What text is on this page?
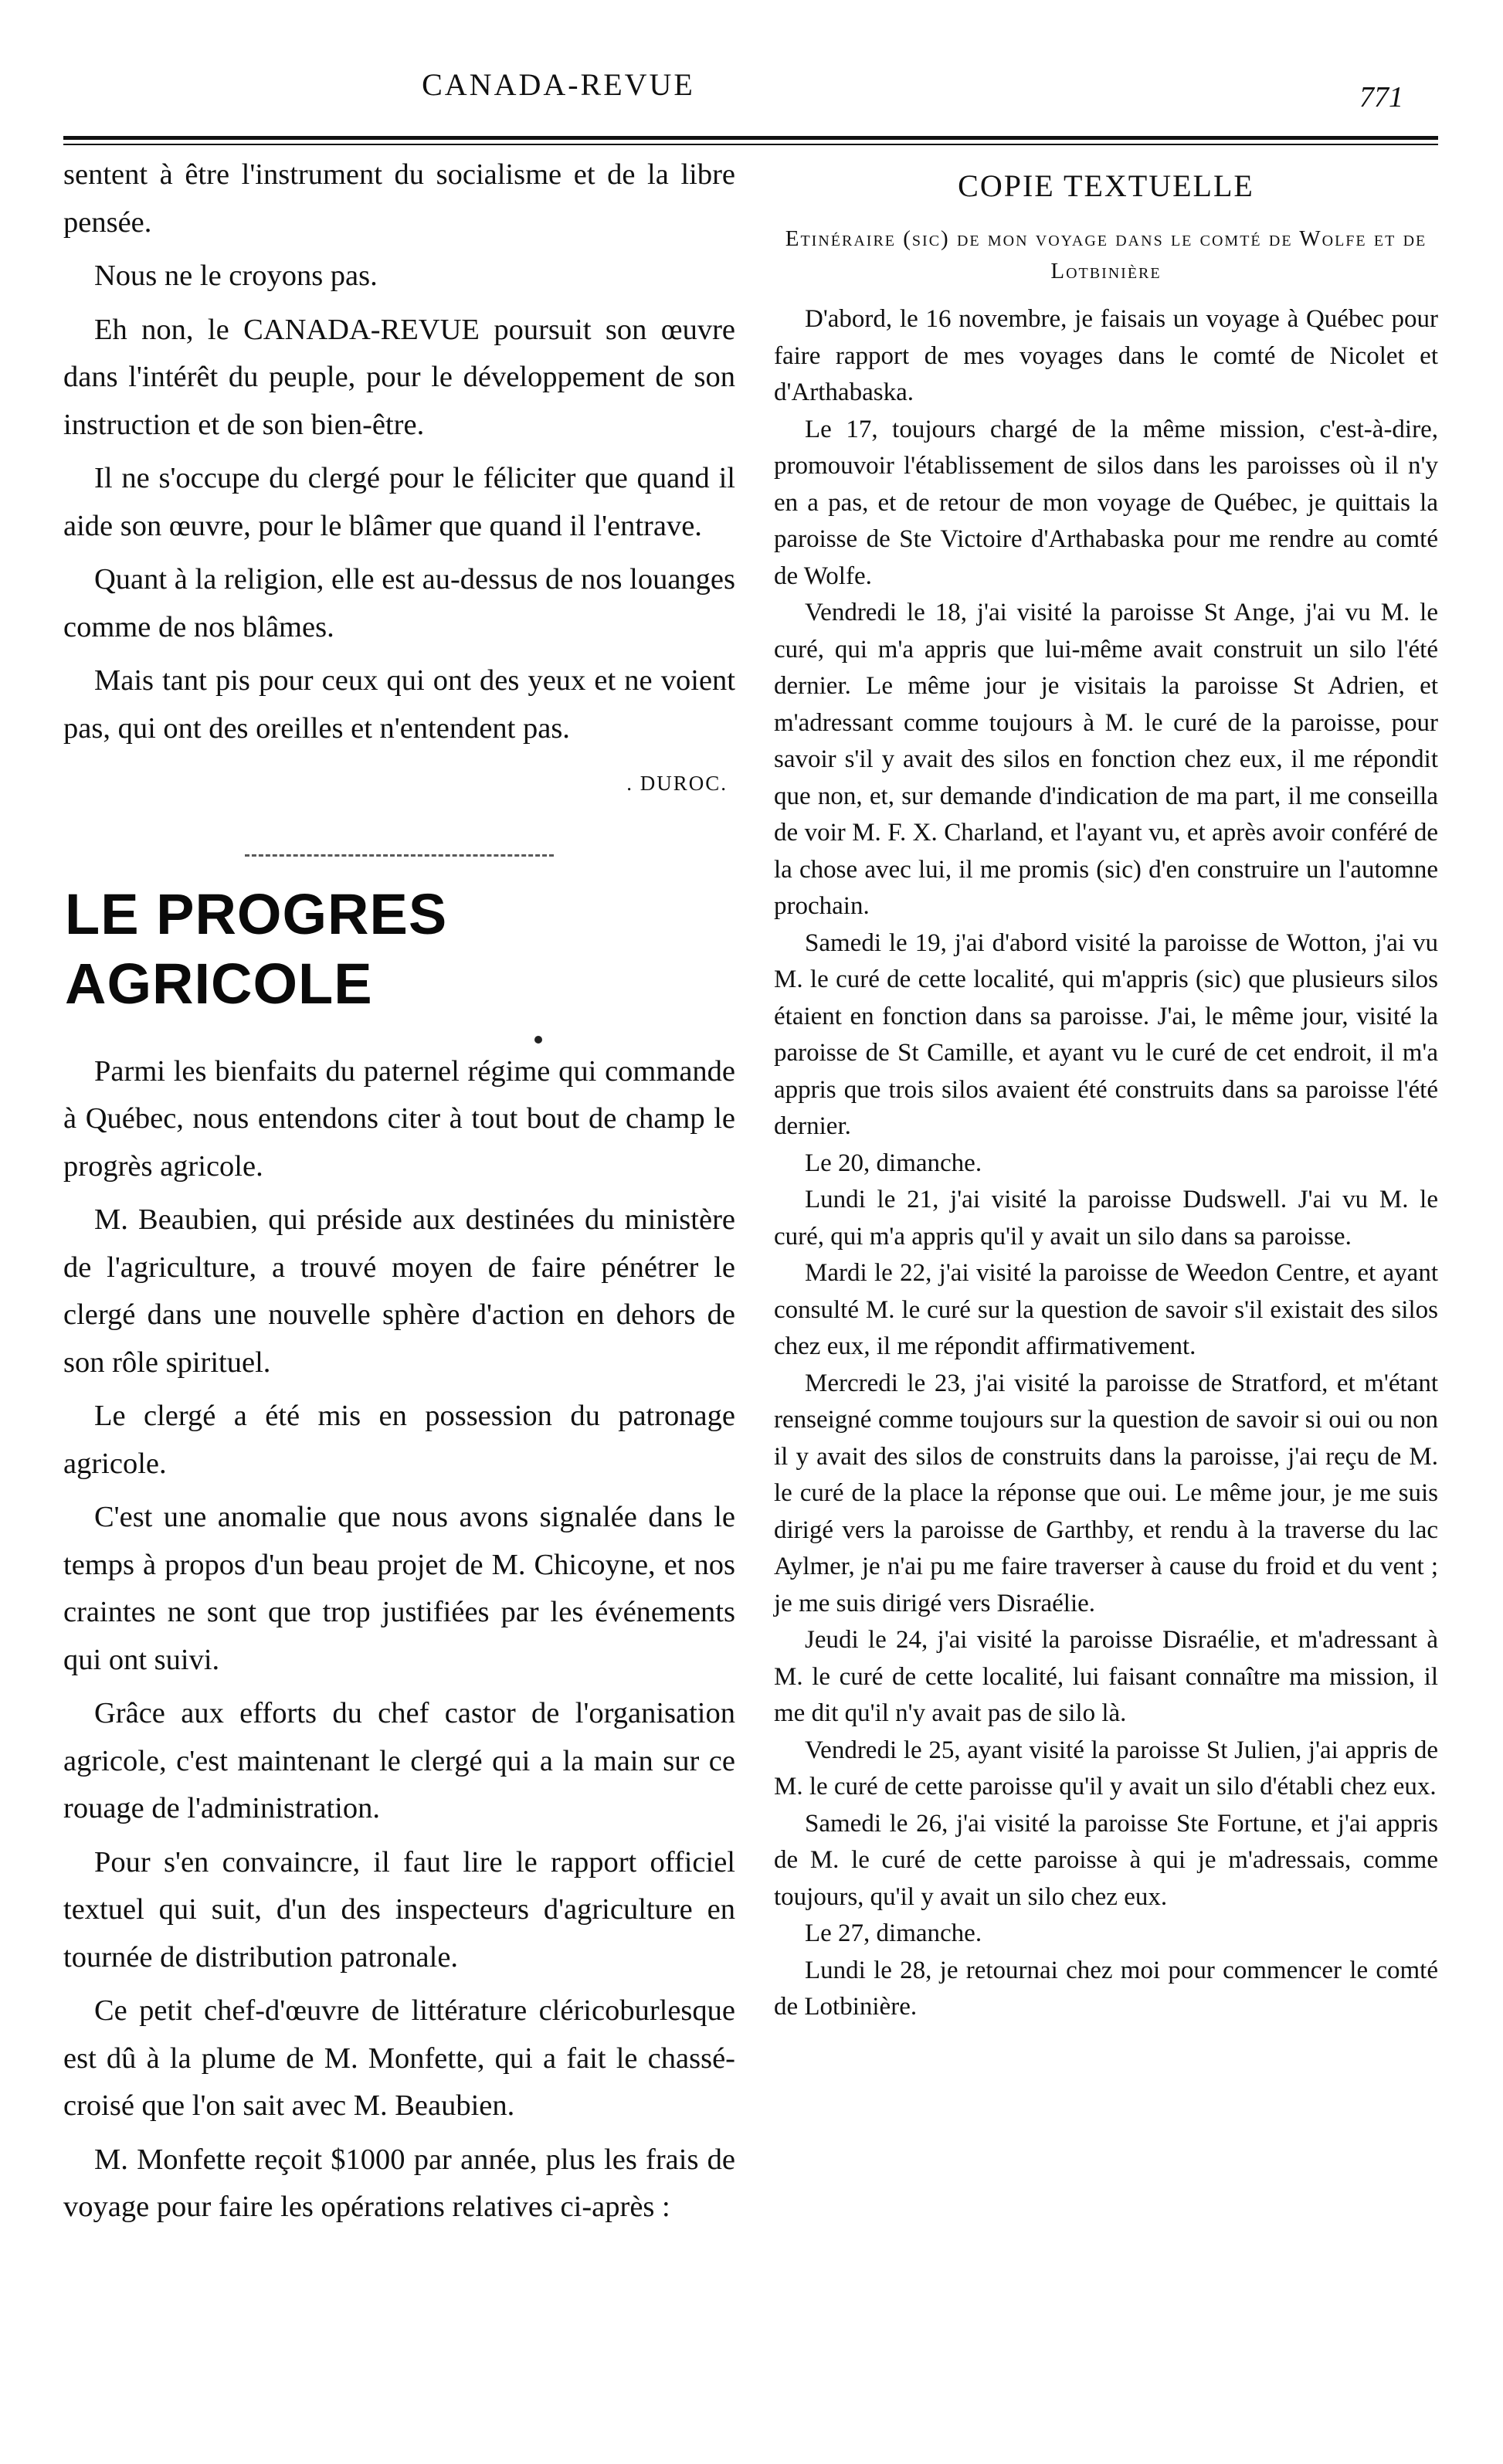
CANADA-REVUE	771

sentent à être l'instrument du socialisme et de la libre pensée.

Nous ne le croyons pas.

Eh non, le CANADA-REVUE poursuit son œuvre dans l'intérêt du peuple, pour le développement de son instruction et de son bien-être.

Il ne s'occupe du clergé pour le féliciter que quand il aide son œuvre, pour le blâmer que quand il l'entrave.

Quant à la religion, elle est au-dessus de nos louanges comme de nos blâmes.

Mais tant pis pour ceux qui ont des yeux et ne voient pas, qui ont des oreilles et n'entendent pas.

. DUROC.

LE PROGRES AGRICOLE

Parmi les bienfaits du paternel régime qui commande à Québec, nous entendons citer à tout bout de champ le progrès agricole.

M. Beaubien, qui préside aux destinées du ministère de l'agriculture, a trouvé moyen de faire pénétrer le clergé dans une nouvelle sphère d'action en dehors de son rôle spirituel.

Le clergé a été mis en possession du patronage agricole.

C'est une anomalie que nous avons signalée dans le temps à propos d'un beau projet de M. Chicoyne, et nos craintes ne sont que trop justifiées par les événements qui ont suivi.

Grâce aux efforts du chef castor de l'organisation agricole, c'est maintenant le clergé qui a la main sur ce rouage de l'administration.

Pour s'en convaincre, il faut lire le rapport officiel textuel qui suit, d'un des inspecteurs d'agriculture en tournée de distribution patronale.

Ce petit chef-d'œuvre de littérature cléricoburlesque est dû à la plume de M. Monfette, qui a fait le chassé-croisé que l'on sait avec M. Beaubien.

M. Monfette reçoit $1000 par année, plus les frais de voyage pour faire les opérations relatives ci-après :

COPIE TEXTUELLE
Etinéraire (sic) de mon voyage dans le comté de Wolfe et de Lotbinière

D'abord, le 16 novembre, je faisais un voyage à Québec pour faire rapport de mes voyages dans le comté de Nicolet et d'Arthabaska.

Le 17, toujours chargé de la même mission, c'est-à-dire, promouvoir l'établissement de silos dans les paroisses où il n'y en a pas, et de retour de mon voyage de Québec, je quittais la paroisse de Ste Victoire d'Arthabaska pour me rendre au comté de Wolfe.

Vendredi le 18, j'ai visité la paroisse St Ange, j'ai vu M. le curé, qui m'a appris que lui-même avait construit un silo l'été dernier. Le même jour je visitais la paroisse St Adrien, et m'adressant comme toujours à M. le curé de la paroisse, pour savoir s'il y avait des silos en fonction chez eux, il me répondit que non, et, sur demande d'indication de ma part, il me conseilla de voir M. F. X. Charland, et l'ayant vu, et après avoir conféré de la chose avec lui, il me promis (sic) d'en construire un l'automne prochain.

Samedi le 19, j'ai d'abord visité la paroisse de Wotton, j'ai vu M. le curé de cette localité, qui m'appris (sic) que plusieurs silos étaient en fonction dans sa paroisse. J'ai, le même jour, visité la paroisse de St Camille, et ayant vu le curé de cet endroit, il m'a appris que trois silos avaient été construits dans sa paroisse l'été dernier.

Le 20, dimanche.

Lundi le 21, j'ai visité la paroisse Dudswell. J'ai vu M. le curé, qui m'a appris qu'il y avait un silo dans sa paroisse.

Mardi le 22, j'ai visité la paroisse de Weedon Centre, et ayant consulté M. le curé sur la question de savoir s'il existait des silos chez eux, il me répondit affirmativement.

Mercredi le 23, j'ai visité la paroisse de Stratford, et m'étant renseigné comme toujours sur la question de savoir si oui ou non il y avait des silos de construits dans la paroisse, j'ai reçu de M. le curé de la place la réponse que oui. Le même jour, je me suis dirigé vers la paroisse de Garthby, et rendu à la traverse du lac Aylmer, je n'ai pu me faire traverser à cause du froid et du vent ; je me suis dirigé vers Disraélie.

Jeudi le 24, j'ai visité la paroisse Disraélie, et m'adressant à M. le curé de cette localité, lui faisant connaître ma mission, il me dit qu'il n'y avait pas de silo là.

Vendredi le 25, ayant visité la paroisse St Julien, j'ai appris de M. le curé de cette paroisse qu'il y avait un silo d'établi chez eux.

Samedi le 26, j'ai visité la paroisse Ste Fortune, et j'ai appris de M. le curé de cette paroisse à qui je m'adressais, comme toujours, qu'il y avait un silo chez eux.

Le 27, dimanche.

Lundi le 28, je retournai chez moi pour commencer le comté de Lotbinière.
